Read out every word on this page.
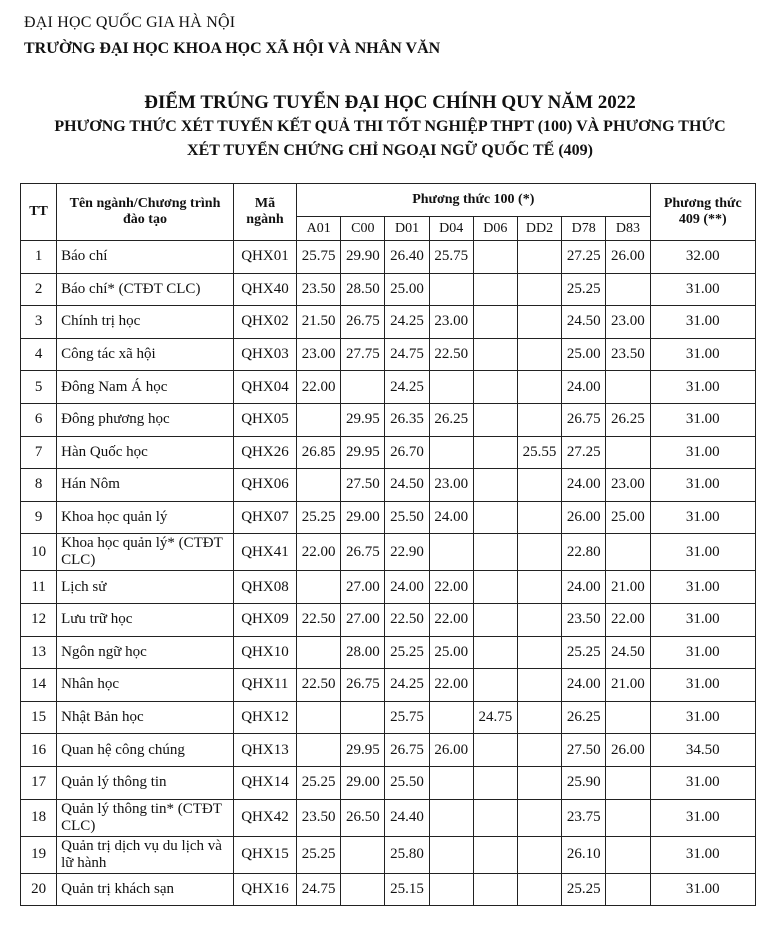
ĐẠI HỌC QUỐC GIA HÀ NỘI
TRƯỜNG ĐẠI HỌC KHOA HỌC XÃ HỘI VÀ NHÂN VĂN
ĐIỂM TRÚNG TUYỂN ĐẠI HỌC CHÍNH QUY NĂM 2022
PHƯƠNG THỨC XÉT TUYỂN KẾT QUẢ THI TỐT NGHIỆP THPT (100) VÀ PHƯƠNG THỨC
XÉT TUYỂN CHỨNG CHỈ NGOẠI NGỮ QUỐC TẾ (409)
TT	Tên ngành/Chương trình đào tạo	Mã ngành	Phương thức 100 (*)								Phương thức 409 (**)
			A01	C00	D01	D04	D06	DD2	D78	D83	
1	Báo chí	QHX01	25.75	29.90	26.40	25.75			27.25	26.00	32.00
2	Báo chí* (CTĐT CLC)	QHX40	23.50	28.50	25.00				25.25		31.00
3	Chính trị học	QHX02	21.50	26.75	24.25	23.00			24.50	23.00	31.00
4	Công tác xã hội	QHX03	23.00	27.75	24.75	22.50			25.00	23.50	31.00
5	Đông Nam Á học	QHX04	22.00		24.25				24.00		31.00
6	Đông phương học	QHX05		29.95	26.35	26.25			26.75	26.25	31.00
7	Hàn Quốc học	QHX26	26.85	29.95	26.70			25.55	27.25		31.00
8	Hán Nôm	QHX06		27.50	24.50	23.00			24.00	23.00	31.00
9	Khoa học quản lý	QHX07	25.25	29.00	25.50	24.00			26.00	25.00	31.00
10	Khoa học quản lý* (CTĐT CLC)	QHX41	22.00	26.75	22.90				22.80		31.00
11	Lịch sử	QHX08		27.00	24.00	22.00			24.00	21.00	31.00
12	Lưu trữ học	QHX09	22.50	27.00	22.50	22.00			23.50	22.00	31.00
13	Ngôn ngữ học	QHX10		28.00	25.25	25.00			25.25	24.50	31.00
14	Nhân học	QHX11	22.50	26.75	24.25	22.00			24.00	21.00	31.00
15	Nhật Bản học	QHX12			25.75		24.75		26.25		31.00
16	Quan hệ công chúng	QHX13		29.95	26.75	26.00			27.50	26.00	34.50
17	Quản lý thông tin	QHX14	25.25	29.00	25.50				25.90		31.00
18	Quản lý thông tin* (CTĐT CLC)	QHX42	23.50	26.50	24.40				23.75		31.00
19	Quản trị dịch vụ du lịch và lữ hành	QHX15	25.25		25.80				26.10		31.00
20	Quản trị khách sạn	QHX16	24.75		25.15				25.25		31.00
